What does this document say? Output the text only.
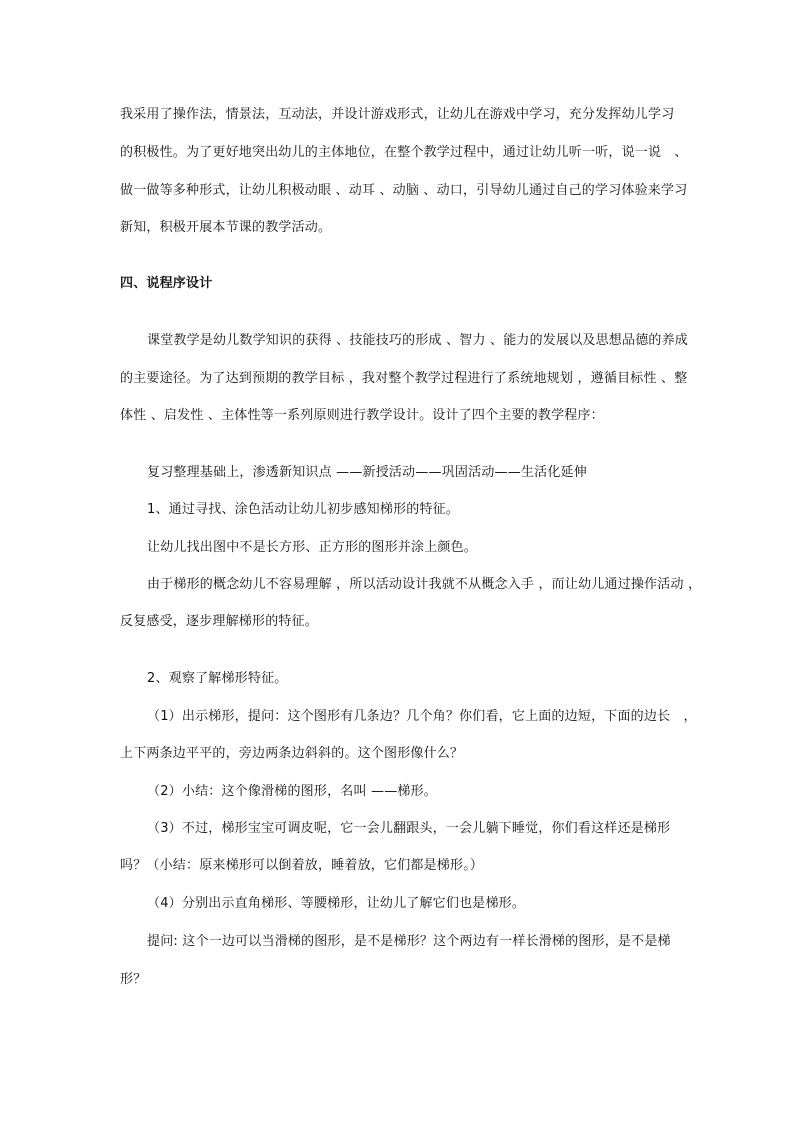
我采用了操作法，情景法，互动法，并设计游戏形式，让幼儿在游戏中学习，充分发挥幼儿学习
的积极性。为了更好地突出幼儿的主体地位，在整个教学过程中，通过让幼儿听一听，说一说　、
做一做等多种形式，让幼儿积极动眼 、动耳 、动脑 、动口，引导幼儿通过自己的学习体验来学习
新知，积极开展本节课的教学活动。
四、说程序设计
课堂教学是幼儿数学知识的获得 、技能技巧的形成 、智力 、能力的发展以及思想品德的养成
的主要途径。为了达到预期的教学目标 ，我对整个教学过程进行了系统地规划 ，遵循目标性 、整
体性 、启发性 、主体性等一系列原则进行教学设计。设计了四个主要的教学程序：
复习整理基础上，渗透新知识点 ——新授活动——巩固活动——生活化延伸
1、通过寻找、涂色活动让幼儿初步感知梯形的特征。
让幼儿找出图中不是长方形、正方形的图形并涂上颜色。
由于梯形的概念幼儿不容易理解 ，所以活动设计我就不从概念入手 ，而让幼儿通过操作活动 ，
反复感受，逐步理解梯形的特征。
2、观察了解梯形特征。
（1）出示梯形，提问：这个图形有几条边？几个角？你们看，它上面的边短，下面的边长　，
上下两条边平平的，旁边两条边斜斜的。这个图形像什么？
（2）小结：这个像滑梯的图形，名叫 ——梯形。
（3）不过，梯形宝宝可调皮呢，它一会儿翻跟头，一会儿躺下睡觉，你们看这样还是梯形
吗？（小结：原来梯形可以倒着放，睡着放，它们都是梯形。）
（4）分别出示直角梯形、等腰梯形，让幼儿了解它们也是梯形。
提问: 这个一边可以当滑梯的图形，是不是梯形？这个两边有一样长滑梯的图形，是不是梯
形？
